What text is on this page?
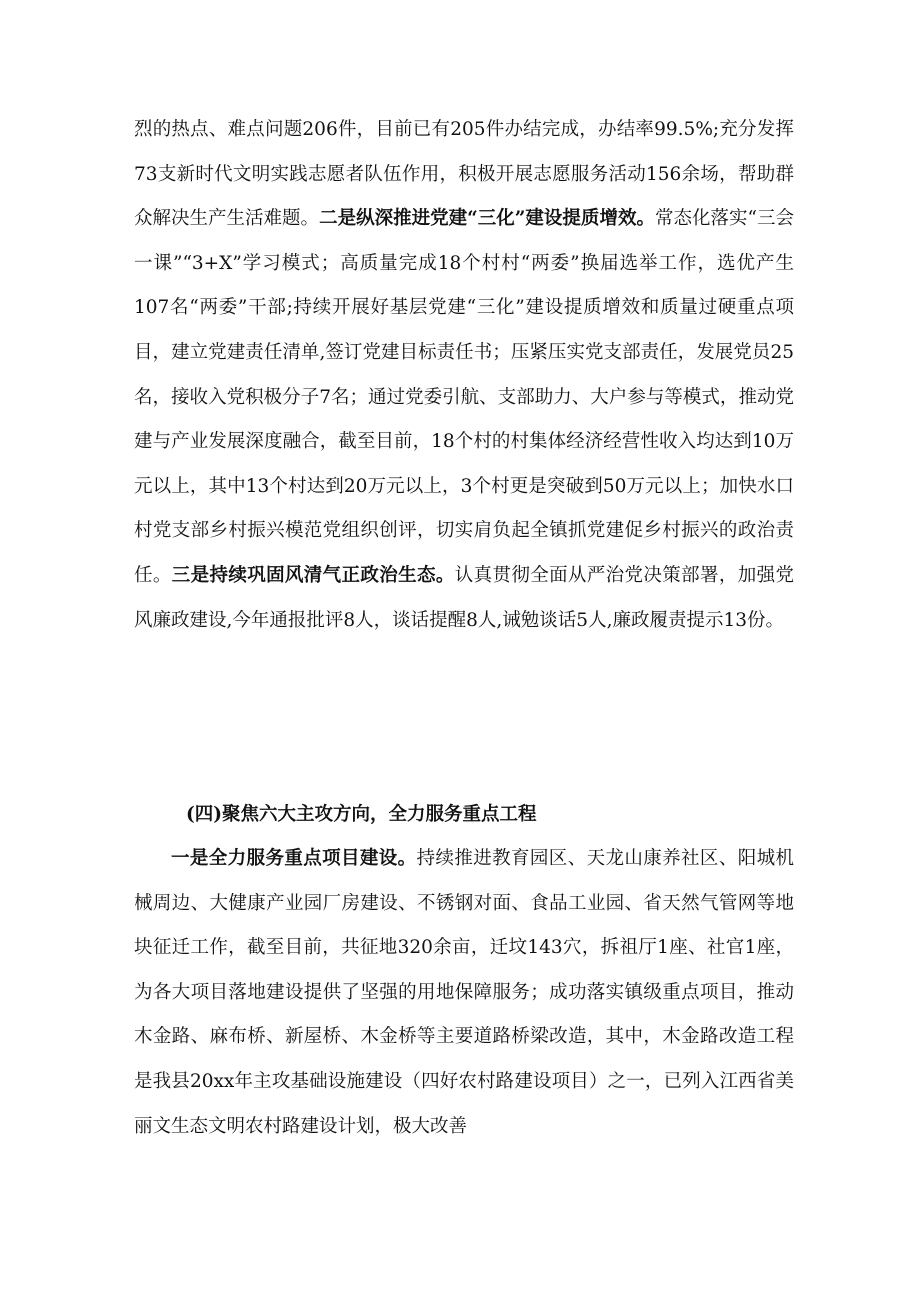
烈的热点、难点问题206件，目前已有205件办结完成，办结率99.5%;充分发挥73支新时代文明实践志愿者队伍作用，积极开展志愿服务活动156余场，帮助群众解决生产生活难题。二是纵深推进党建“三化”建设提质增效。常态化落实“三会一课”“3+X”学习模式；高质量完成18个村村“两委”换届选举工作，选优产生107名“两委”干部;持续开展好基层党建“三化”建设提质增效和质量过硬重点项目，建立党建责任清单,签订党建目标责任书；压紧压实党支部责任，发展党员25名，接收入党积极分子7名；通过党委引航、支部助力、大户参与等模式，推动党建与产业发展深度融合，截至目前，18个村的村集体经济经营性收入均达到10万元以上，其中13个村达到20万元以上，3个村更是突破到50万元以上；加快水口村党支部乡村振兴模范党组织创评，切实肩负起全镇抓党建促乡村振兴的政治责任。三是持续巩固风清气正政治生态。认真贯彻全面从严治党决策部署，加强党风廉政建设,今年通报批评8人，谈话提醒8人,诫勉谈话5人,廉政履责提示13份。

(四)聚焦六大主攻方向，全力服务重点工程

一是全力服务重点项目建设。持续推进教育园区、天龙山康养社区、阳城机械周边、大健康产业园厂房建设、不锈钢对面、食品工业园、省天然气管网等地块征迁工作，截至目前，共征地320余亩，迁坟143穴，拆祖厅1座、社官1座，为各大项目落地建设提供了坚强的用地保障服务；成功落实镇级重点项目，推动木金路、麻布桥、新屋桥、木金桥等主要道路桥梁改造，其中，木金路改造工程是我县20xx年主攻基础设施建设（四好农村路建设项目）之一，已列入江西省美丽文生态文明农村路建设计划，极大改善
